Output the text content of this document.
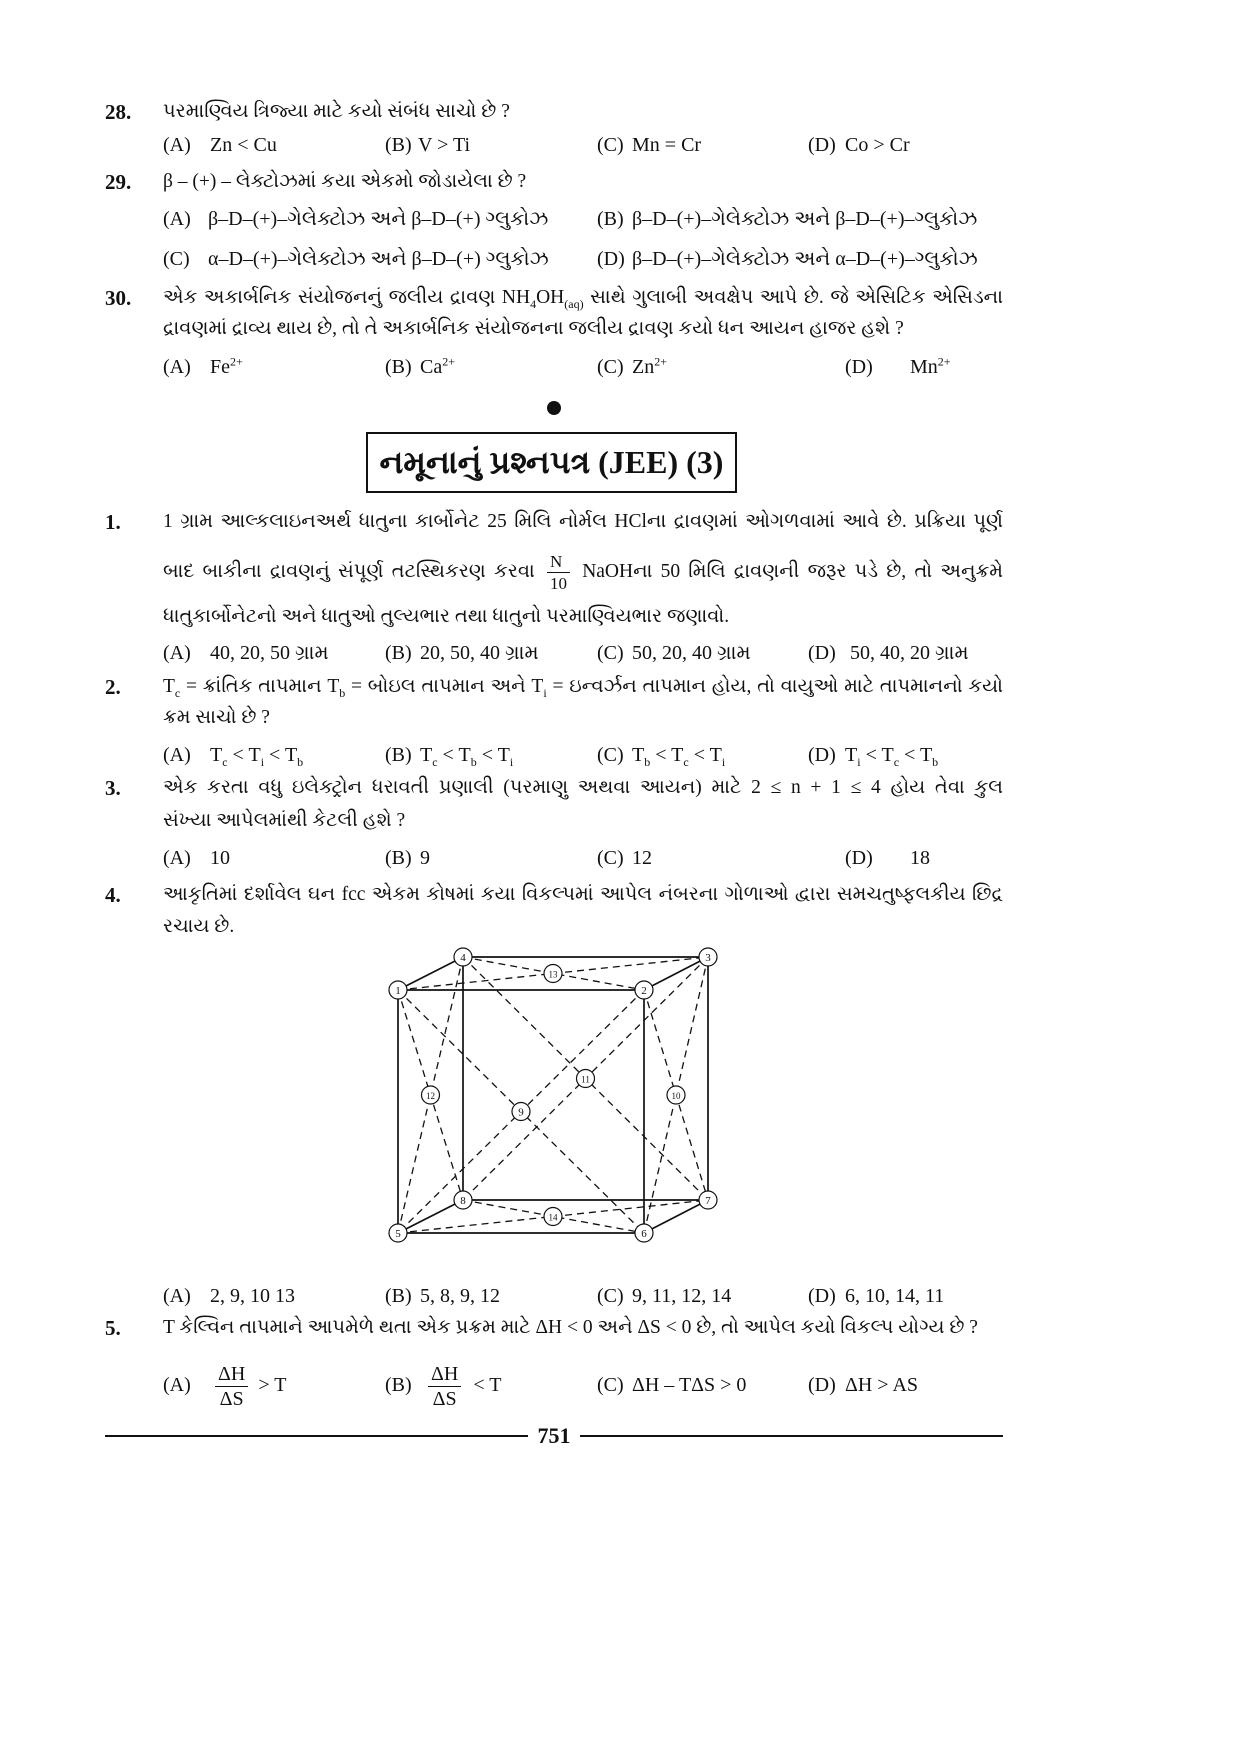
28. પરમાણ્વિય ત્રિજ્યા માટે કયો સંબંધ સાચો છે ?
(A) Zn < Cu	(B) V > Ti	(C) Mn = Cr	(D) Co > Cr
29. β – (+) – લેક્ટોઝમાં કયા એકમો જોડાયેલા છે ?
(A) β–D–(+)–ગેલેક્ટોઝ અને β–D–(+) ગ્લુકોઝ (B) β–D–(+)–ગેલેક્ટોઝ અને β–D–(+)–ગ્લુકોઝ
(C) α–D–(+)–ગેલેક્ટોઝ અને β–D–(+) ગ્લુકોઝ (D) β–D–(+)–ગેલેક્ટોઝ અને α–D–(+)–ગ્લુકોઝ
30. એક અકાર્બનિક સંયોજનનું જલીય દ્રાવણ $NH_4OH_{(aq)}$ સાથે ગુલાબી અવક્ષેપ આપે છે. જે એસિટિક એસિડના
દ્રાવણમાં દ્રાવ્ય થાય છે, તો તે અકાર્બનિક સંયોજનના જલીય દ્રાવણ કયો ધન આયન હાજર હશે ?
(A) $Fe^{2+}$	(B) $Ca^{2+}$	(C) $Zn^{2+}$	(D) $Mn^{2+}$
નમૂનાનું પ્રશ્નપત્ર (JEE) (3)
1. 1 ગ્રામ આલ્કલાઇનઅર્થ ધાતુના કાર્બોનેટ 25 મિલિ નોર્મલ HClના દ્રાવણમાં ઓગળવામાં આવે છે. પ્રક્રિયા પૂર્ણ
બાદ બાકીના દ્રાવણનું સંપૂર્ણ તટસ્થિકરણ કરવા $\frac{N}{10}$ NaOHના 50 મિલિ દ્રાવણની જરૂર પડે છે, તો અનુક્રમે
ધાતુકાર્બોનેટનો અને ધાતુઓ તુલ્યભાર તથા ધાતુનો પરમાણ્વિયભાર જણાવો.
(A) 40, 20, 50 ગ્રામ	(B) 20, 50, 40 ગ્રામ	(C) 50, 20, 40 ગ્રામ	(D) 50, 40, 20 ગ્રામ
2. $T_c$ = ક્રાંતિક તાપમાન $T_b$ = બોઇલ તાપમાન અને $T_i$ = ઇન્વર્ઝન તાપમાન હોય, તો વાયુઓ માટે તાપમાનનો કયો
ક્રમ સાચો છે ?
(A) $T_c < T_i < T_b$	(B) $T_c < T_b < T_i$	(C) $T_b < T_c < T_i$	(D) $T_i < T_c < T_b$
3. એક કરતા વધુ ઇલેક્ટ્રોન ધરાવતી પ્રણાલી (પરમાણુ અથવા આયન) માટે 2 ≤ n + 1 ≤ 4 હોય તેવા કુલ
સંખ્યા આપેલમાંથી કેટલી હશે ?
(A) 10	(B) 9	(C) 12	(D) 18
4. આકૃતિમાં દર્શાવેલ ઘન fcc એકમ કોષમાં કયા વિકલ્પમાં આપેલ નંબરના ગોળાઓ દ્વારા સમચતુષ્ફલકીય છિદ્ર
રચાય છે.
1	2
3
4
5	6
7
8
9
10
11
12
13
14
(A) 2, 9, 10 13	(B) 5, 8, 9, 12	(C) 9, 11, 12, 14	(D) 6, 10, 14, 11
5. T કેલ્વિન તાપમાને આપમેળે થતા એક પ્રક્રમ માટે ΔH < 0 અને ΔS < 0 છે, તો આપેલ કયો વિકલ્પ યોગ્ય છે ?
$(A) \frac{\Delta H}{\Delta S} > T$	$(B) \frac{\Delta H}{\Delta S} < T$	(C) ΔH – TΔS > 0	(D) ΔH > AS
751
